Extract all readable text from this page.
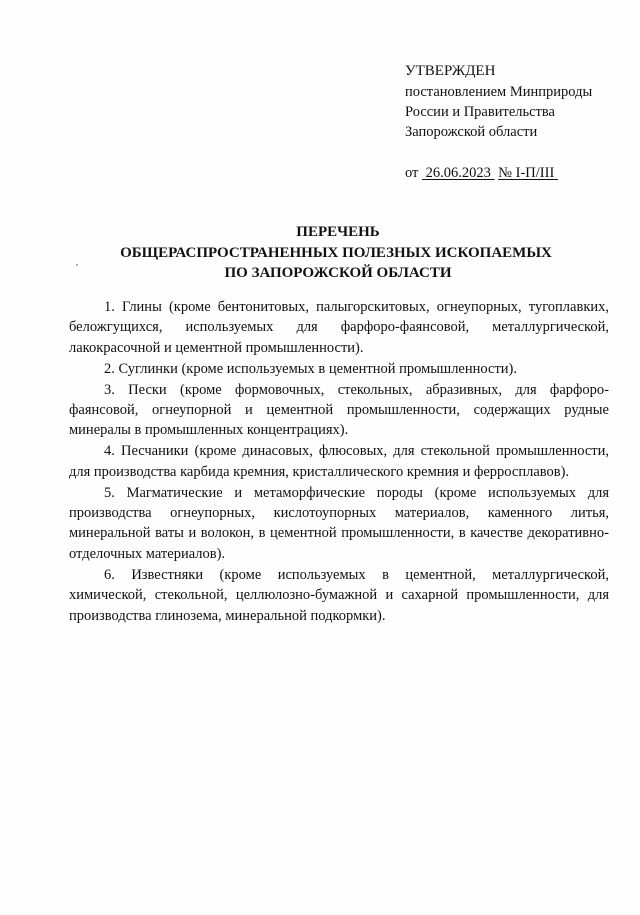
УТВЕРЖДЕН
постановлением Минприроды
России и Правительства
Запорожской области
от 26.06.2023 № I-П/III
ПЕРЕЧЕНЬ
ОБЩЕРАСПРОСТРАНЕННЫХ ПОЛЕЗНЫХ ИСКОПАЕМЫХ
ПО ЗАПОРОЖСКОЙ ОБЛАСТИ

1. Глины (кроме бентонитовых, палыгорскитовых, огнеупорных, тугоплавких, беложгущихся, используемых для фарфоро-фаянсовой, металлургической, лакокрасочной и цементной промышленности).

2. Суглинки (кроме используемых в цементной промышленности).

3. Пески (кроме формовочных, стекольных, абразивных, для фарфоро-фаянсовой, огнеупорной и цементной промышленности, содержащих рудные минералы в промышленных концентрациях).

4. Песчаники (кроме динасовых, флюсовых, для стекольной промышленности, для производства карбида кремния, кристаллического кремния и ферросплавов).

5. Магматические и метаморфические породы (кроме используемых для производства огнеупорных, кислотоупорных материалов, каменного литья, минеральной ваты и волокон, в цементной промышленности, в качестве декоративно-отделочных материалов).

6. Известняки (кроме используемых в цементной, металлургической, химической, стекольной, целлюлозно-бумажной и сахарной промышленности, для производства глинозема, минеральной подкормки).
